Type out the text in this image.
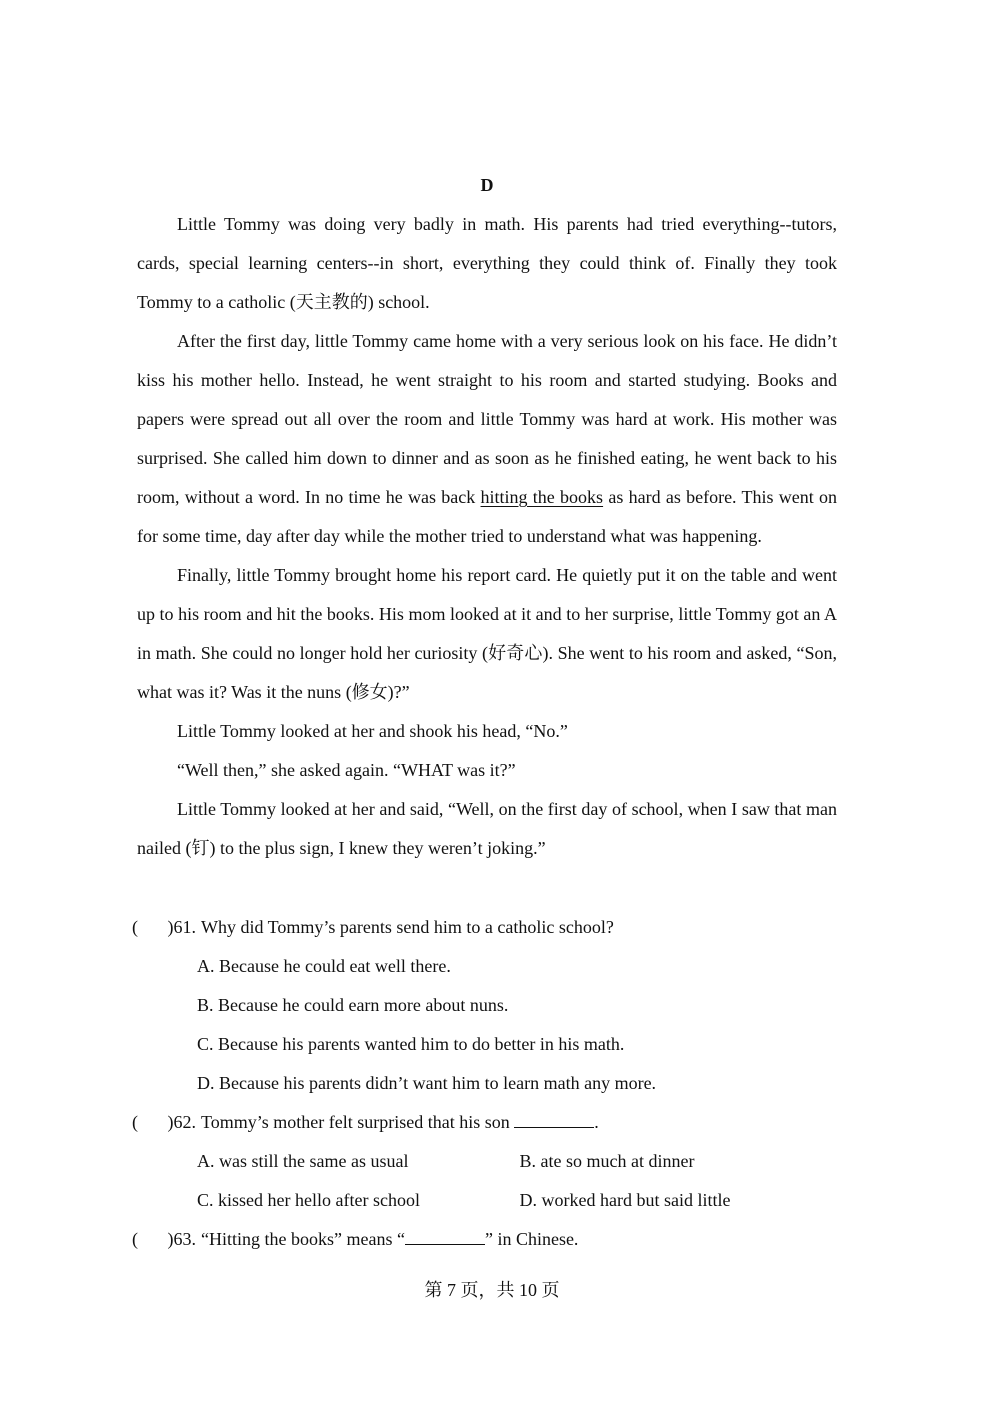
D

Little Tommy was doing very badly in math. His parents had tried everything--tutors, cards, special learning centers--in short, everything they could think of. Finally they took Tommy to a catholic (天主教的) school.

After the first day, little Tommy came home with a very serious look on his face. He didn’t kiss his mother hello. Instead, he went straight to his room and started studying. Books and papers were spread out all over the room and little Tommy was hard at work. His mother was surprised. She called him down to dinner and as soon as he finished eating, he went back to his room, without a word. In no time he was back hitting the books as hard as before. This went on for some time, day after day while the mother tried to understand what was happening.

Finally, little Tommy brought home his report card. He quietly put it on the table and went up to his room and hit the books. His mom looked at it and to her surprise, little Tommy got an A in math. She could no longer hold her curiosity (好奇心). She went to his room and asked, “Son, what was it? Was it the nuns (修女)?”

Little Tommy looked at her and shook his head, “No.”

“Well then,” she asked again. “WHAT was it?”

Little Tommy looked at her and said, “Well, on the first day of school, when I saw that man nailed (钉) to the plus sign, I knew they weren’t joking.”

(	)61. Why did Tommy’s parents send him to a catholic school?
A. Because he could eat well there.
B. Because he could earn more about nuns.
C. Because his parents wanted him to do better in his math.
D. Because his parents didn’t want him to learn math any more.
(	)62. Tommy’s mother felt surprised that his son	.
A. was still the same as usual	B. ate so much at dinner
C. kissed her hello after school	D. worked hard but said little
(	)63. “Hitting the books” means “	” in Chinese.
第 7 页，共 10 页
